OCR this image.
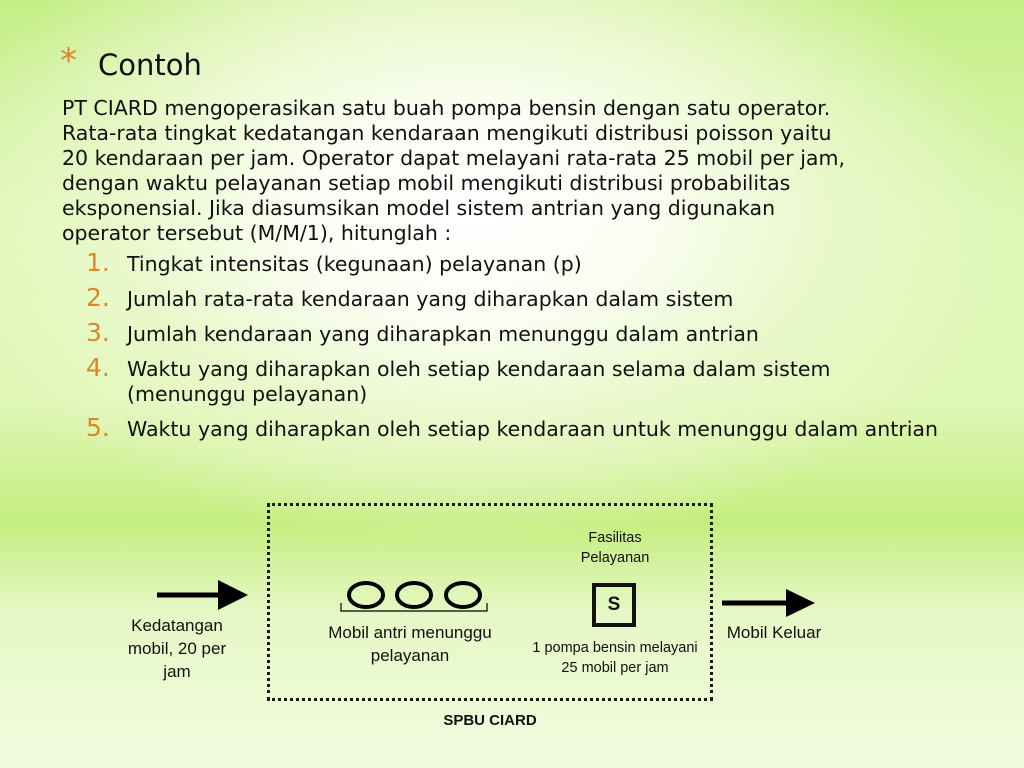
* Contoh
PT CIARD mengoperasikan satu buah pompa bensin dengan satu operator.
Rata-rata tingkat kedatangan kendaraan mengikuti distribusi poisson yaitu
20 kendaraan per jam. Operator dapat melayani rata-rata 25 mobil per jam,
dengan waktu pelayanan setiap mobil mengikuti distribusi probabilitas
eksponensial. Jika diasumsikan model sistem antrian yang digunakan
operator tersebut (M/M/1), hitunglah :
1. Tingkat intensitas (kegunaan) pelayanan (p)
2. Jumlah rata-rata kendaraan yang diharapkan dalam sistem
3. Jumlah kendaraan yang diharapkan menunggu dalam antrian
4. Waktu yang diharapkan oleh setiap kendaraan selama dalam sistem (menunggu pelayanan)
5. Waktu yang diharapkan oleh setiap kendaraan untuk menunggu dalam antrian
S
Kedatangan mobil, 20 per jam
Mobil antri menunggu pelayanan
Fasilitas Pelayanan
1 pompa bensin melayani 25 mobil per jam
Mobil Keluar
SPBU CIARD
